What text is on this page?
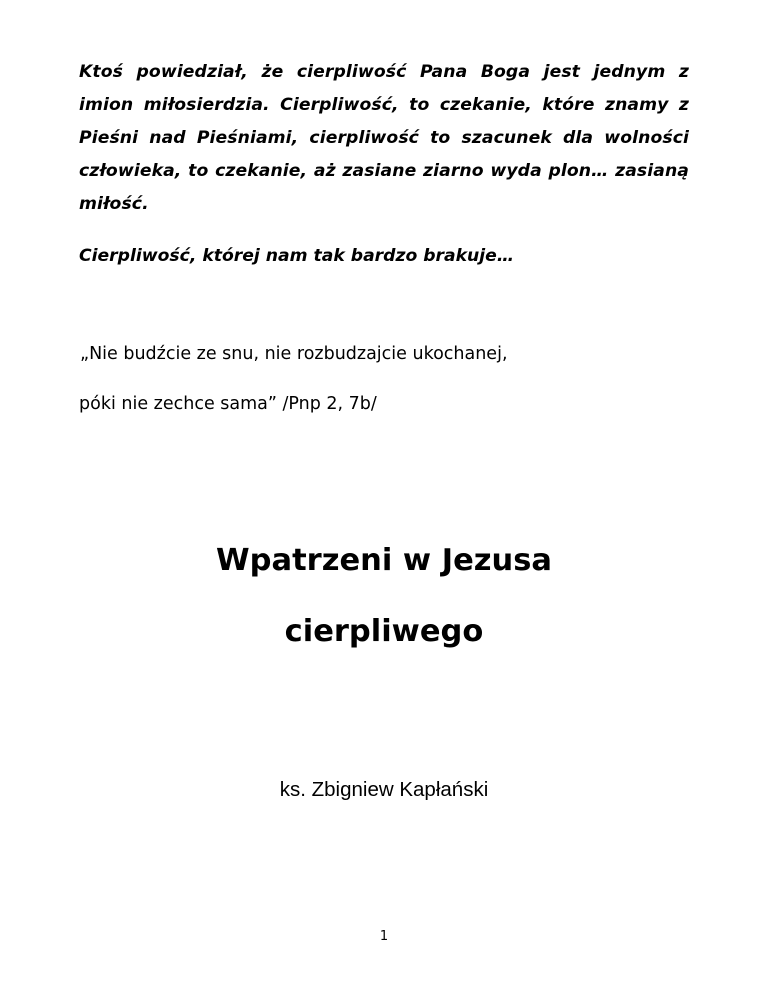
Ktoś powiedział, że cierpliwość Pana Boga jest jednym z imion miłosierdzia. Cierpliwość, to czekanie, które znamy z Pieśni nad Pieśniami, cierpliwość to szacunek dla wolności człowieka, to czekanie, aż zasiane ziarno wyda plon… zasianą miłość.

Cierpliwość, której nam tak bardzo brakuje…

„Nie budźcie ze snu, nie rozbudzajcie ukochanej,

póki nie zechce sama” /Pnp 2, 7b/

Wpatrzeni w Jezusa
cierpliwego

ks. Zbigniew Kapłański

1
